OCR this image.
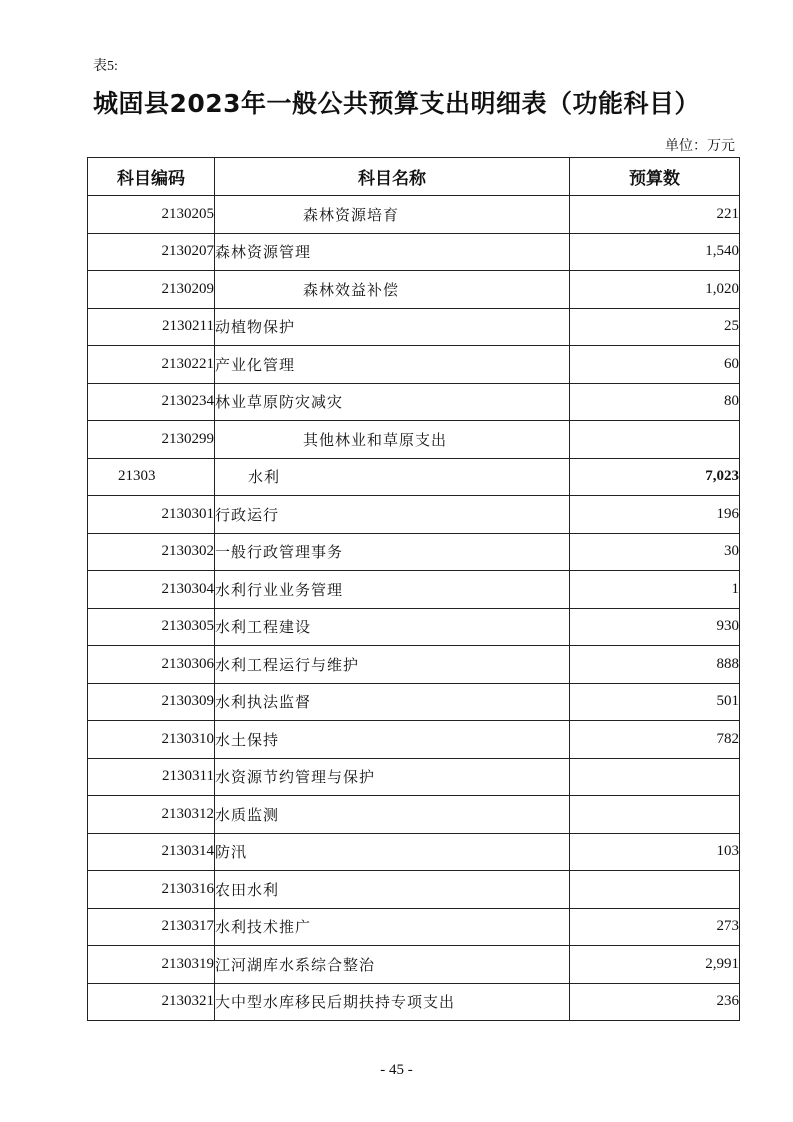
表5:
城固县2023年一般公共预算支出明细表（功能科目）
单位：万元
科目编码	科目名称	预算数
2130205	森林资源培育	221
2130207	森林资源管理	1,540
2130209	森林效益补偿	1,020
2130211	动植物保护	25
2130221	产业化管理	60
2130234	林业草原防灾减灾	80
2130299	其他林业和草原支出	
21303	水利	7,023
2130301	行政运行	196
2130302	一般行政管理事务	30
2130304	水利行业业务管理	1
2130305	水利工程建设	930
2130306	水利工程运行与维护	888
2130309	水利执法监督	501
2130310	水土保持	782
2130311	水资源节约管理与保护	
2130312	水质监测	
2130314	防汛	103
2130316	农田水利	
2130317	水利技术推广	273
2130319	江河湖库水系综合整治	2,991
2130321	大中型水库移民后期扶持专项支出	236
- 45 -
